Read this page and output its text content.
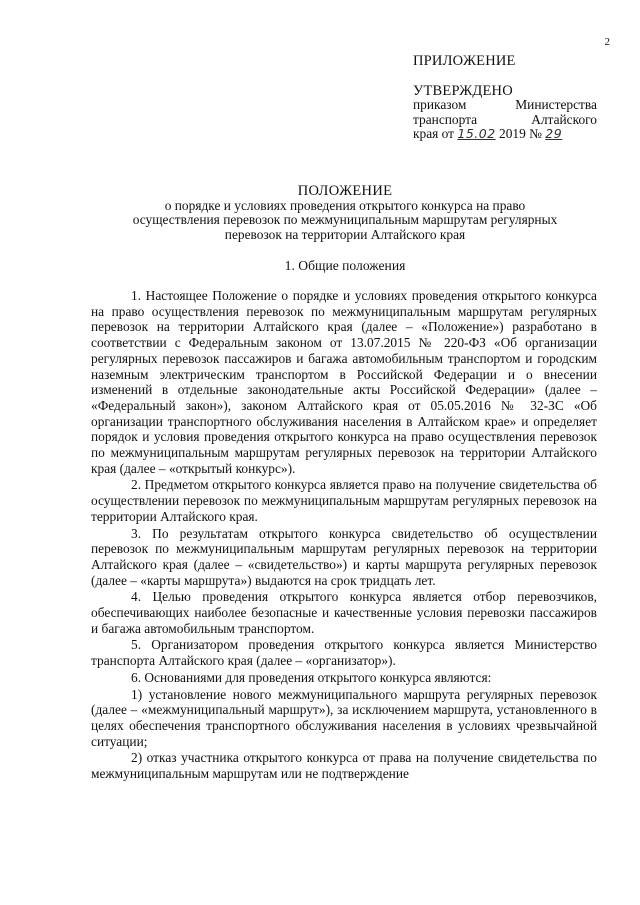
2
ПРИЛОЖЕНИЕ
УТВЕРЖДЕНО
приказом Министерства
транспорта Алтайского
края от 15.02 2019 № 29
ПОЛОЖЕНИЕ
о порядке и условиях проведения открытого конкурса на право
осуществления перевозок по межмуниципальным маршрутам регулярных
перевозок на территории Алтайского края
1. Общие положения

1. Настоящее Положение о порядке и условиях проведения открытого конкурса на право осуществления перевозок по межмуниципальным маршрутам регулярных перевозок на территории Алтайского края (далее – «Положение») разработано в соответствии с Федеральным законом от 13.07.2015 № 220-ФЗ «Об организации регулярных перевозок пассажиров и багажа автомобильным транспортом и городским наземным электрическим транспортом в Российской Федерации и о внесении изменений в отдельные законодательные акты Российской Федерации» (далее – «Федеральный закон»), законом Алтайского края от 05.05.2016 № 32-ЗС «Об организации транспортного обслуживания населения в Алтайском крае» и определяет порядок и условия проведения открытого конкурса на право осуществления перевозок по межмуниципальным маршрутам регулярных перевозок на территории Алтайского края (далее – «открытый конкурс»).

2. Предметом открытого конкурса является право на получение свидетельства об осуществлении перевозок по межмуниципальным маршрутам регулярных перевозок на территории Алтайского края.

3. По результатам открытого конкурса свидетельство об осуществлении перевозок по межмуниципальным маршрутам регулярных перевозок на территории Алтайского края (далее – «свидетельство») и карты маршрута регулярных перевозок (далее – «карты маршрута») выдаются на срок тридцать лет.

4. Целью проведения открытого конкурса является отбор перевозчиков, обеспечивающих наиболее безопасные и качественные условия перевозки пассажиров и багажа автомобильным транспортом.

5. Организатором проведения открытого конкурса является Министерство транспорта Алтайского края (далее – «организатор»).

6. Основаниями для проведения открытого конкурса являются:

1) установление нового межмуниципального маршрута регулярных перевозок (далее – «межмуниципальный маршрут»), за исключением маршрута, установленного в целях обеспечения транспортного обслуживания населения в условиях чрезвычайной ситуации;

2) отказ участника открытого конкурса от права на получение свидетельства по межмуниципальным маршрутам или не подтверждение
